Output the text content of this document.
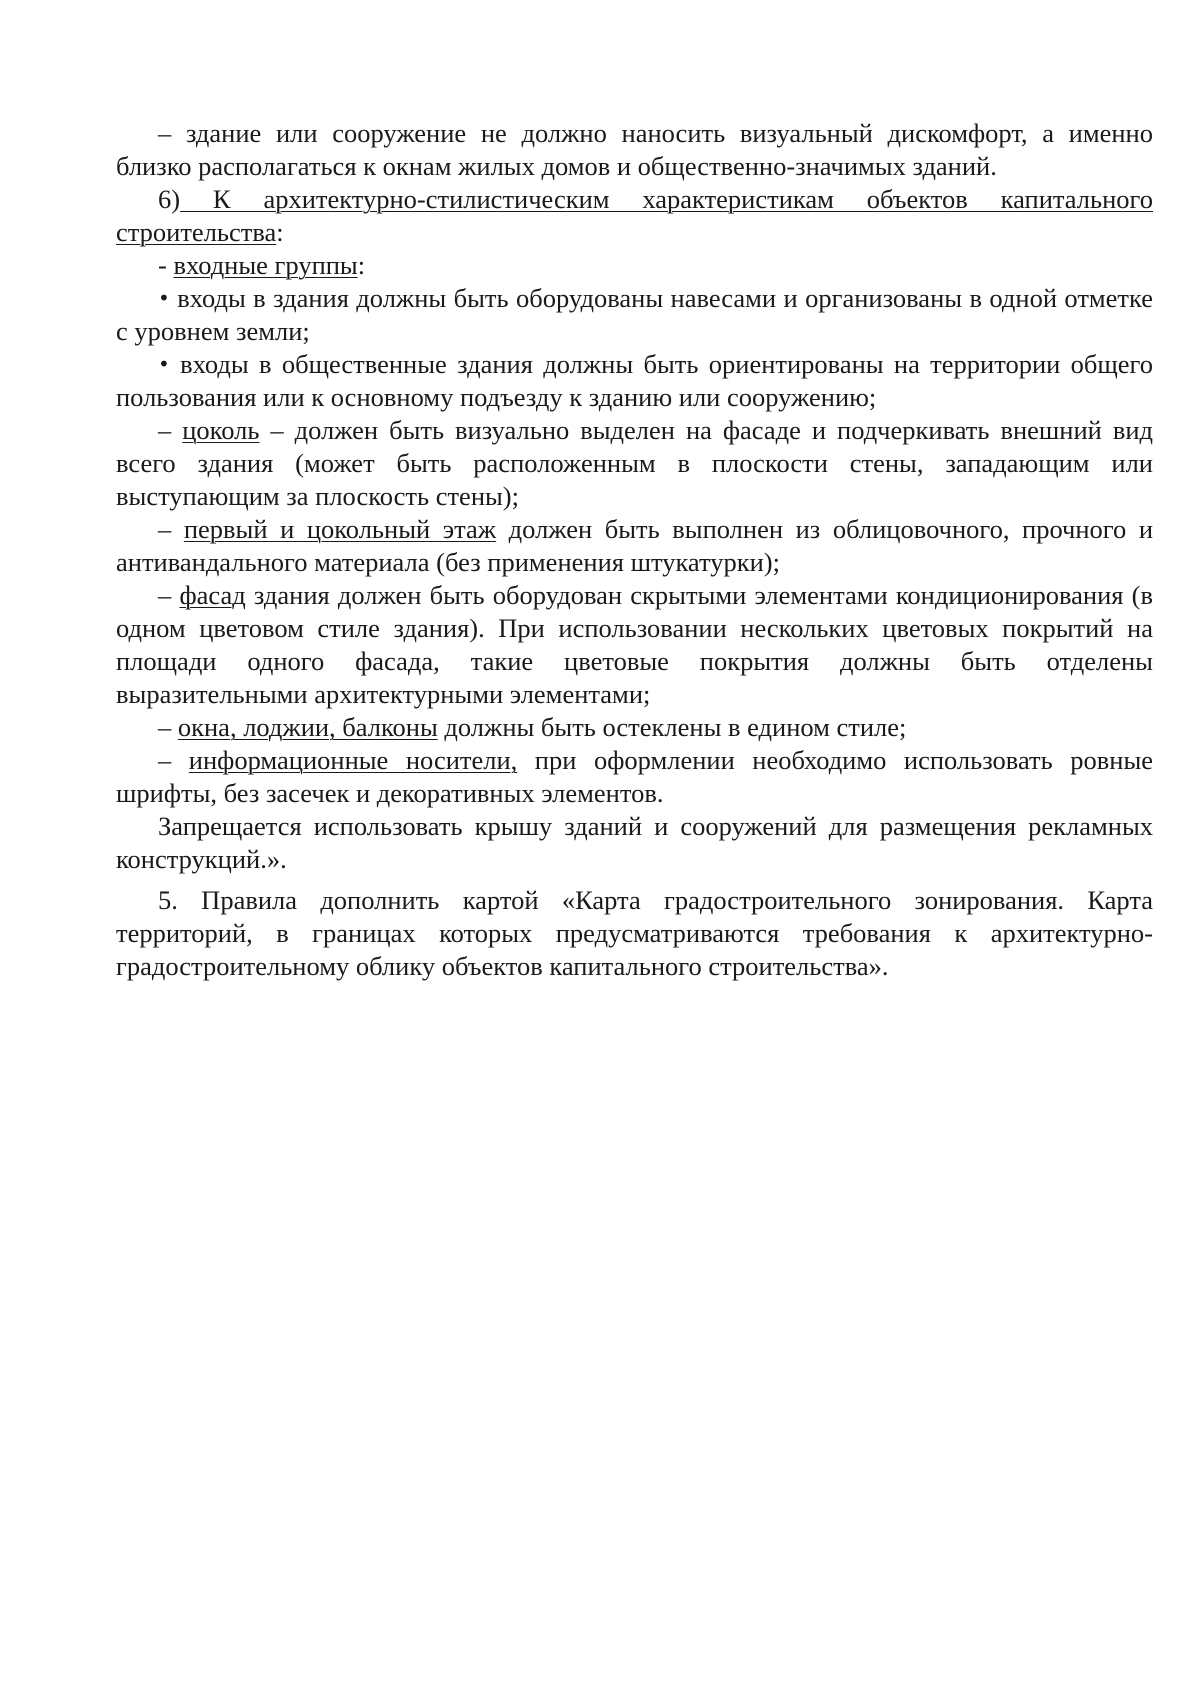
– здание или сооружение не должно наносить визуальный дискомфорт, а именно близко располагаться к окнам жилых домов и общественно-значимых зданий.

6) К архитектурно-стилистическим характеристикам объектов капитального строительства:

- входные группы:

• входы в здания должны быть оборудованы навесами и организованы в одной отметке с уровнем земли;

• входы в общественные здания должны быть ориентированы на территории общего пользования или к основному подъезду к зданию или сооружению;

– цоколь – должен быть визуально выделен на фасаде и подчеркивать внешний вид всего здания (может быть расположенным в плоскости стены, западающим или выступающим за плоскость стены);

– первый и цокольный этаж должен быть выполнен из облицовочного, прочного и антивандального материала (без применения штукатурки);

– фасад здания должен быть оборудован скрытыми элементами кондиционирования (в одном цветовом стиле здания). При использовании нескольких цветовых покрытий на площади одного фасада, такие цветовые покрытия должны быть отделены выразительными архитектурными элементами;

– окна, лоджии, балконы должны быть остеклены в едином стиле;

– информационные носители, при оформлении необходимо использовать ровные шрифты, без засечек и декоративных элементов.

Запрещается использовать крышу зданий и сооружений для размещения рекламных конструкций.».

5. Правила дополнить картой «Карта градостроительного зонирования. Карта территорий, в границах которых предусматриваются требования к архитектурно-градостроительному облику объектов капитального строительства».
